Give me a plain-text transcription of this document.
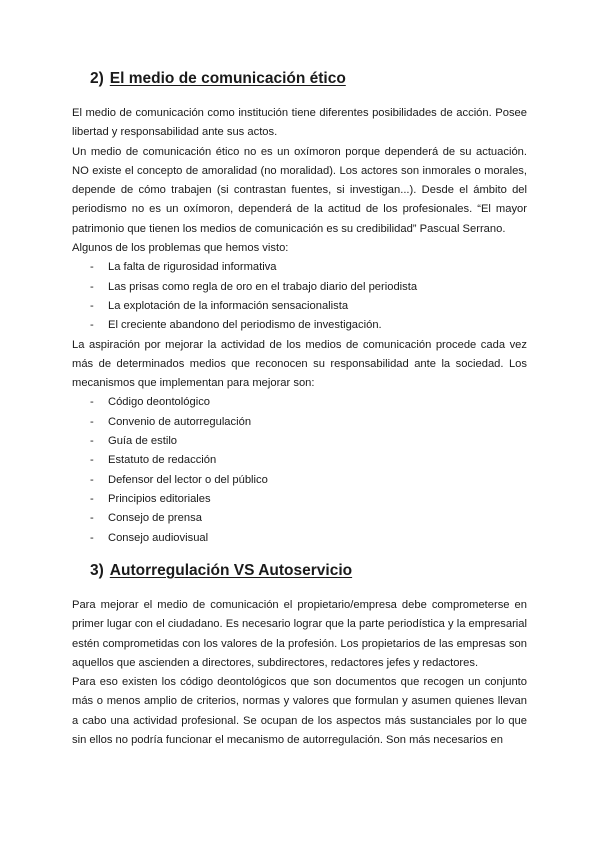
2) El medio de comunicación ético

El medio de comunicación como institución tiene diferentes posibilidades de acción. Posee libertad y responsabilidad ante sus actos.

Un medio de comunicación ético no es un oxímoron porque dependerá de su actuación. NO existe el concepto de amoralidad (no moralidad). Los actores son inmorales o morales, depende de cómo trabajen (si contrastan fuentes, si investigan...). Desde el ámbito del periodismo no es un oxímoron, dependerá de la actitud de los profesionales. “El mayor patrimonio que tienen los medios de comunicación es su credibilidad” Pascual Serrano.

Algunos de los problemas que hemos visto:

- La falta de rigurosidad informativa
- Las prisas como regla de oro en el trabajo diario del periodista
- La explotación de la información sensacionalista
- El creciente abandono del periodismo de investigación.

La aspiración por mejorar la actividad de los medios de comunicación procede cada vez más de determinados medios que reconocen su responsabilidad ante la sociedad. Los mecanismos que implementan para mejorar son:

- Código deontológico
- Convenio de autorregulación
- Guía de estilo
- Estatuto de redacción
- Defensor del lector o del público
- Principios editoriales
- Consejo de prensa
- Consejo audiovisual
3) Autorregulación VS Autoservicio

Para mejorar el medio de comunicación el propietario/empresa debe comprometerse en primer lugar con el ciudadano. Es necesario lograr que la parte periodística y la empresarial estén comprometidas con los valores de la profesión. Los propietarios de las empresas son aquellos que ascienden a directores, subdirectores, redactores jefes y redactores.

Para eso existen los código deontológicos que son documentos que recogen un conjunto más o menos amplio de criterios, normas y valores que formulan y asumen quienes llevan a cabo una actividad profesional. Se ocupan de los aspectos más sustanciales por lo que sin ellos no podría funcionar el mecanismo de autorregulación. Son más necesarios en
